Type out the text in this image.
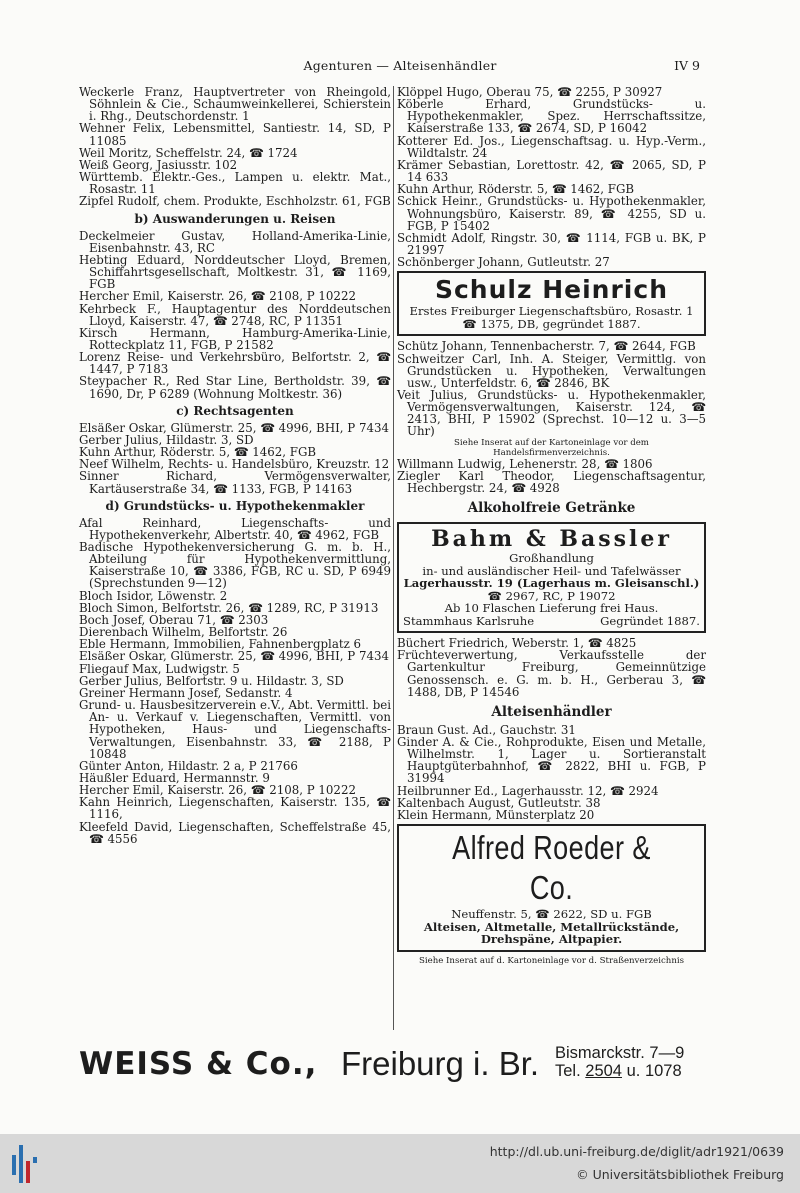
Agenturen — Alteisenhändler	IV 9
Weckerle Franz, Hauptvertreter von Rheingold, Söhnlein & Cie., Schaumweinkellerei, Schierstein i. Rhg., Deutschordenstr. 1
Wehner Felix, Lebensmittel, Santiestr. 14, SD, P 11085
Weil Moritz, Scheffelstr. 24, ☎ 1724
Weiß Georg, Jasiusstr. 102
Württemb. Elektr.-Ges., Lampen u. elektr. Mat., Rosastr. 11
Zipfel Rudolf, chem. Produkte, Eschholzstr. 61, FGB
b) Auswanderungen u. Reisen
Deckelmeier Gustav, Holland-Amerika-Linie, Eisenbahnstr. 43, RC
Hebting Eduard, Norddeutscher Lloyd, Bremen, Schiffahrtsgesellschaft, Moltkestr. 31, ☎ 1169, FGB
Hercher Emil, Kaiserstr. 26, ☎ 2108, P 10222
Kehrbeck F., Hauptagentur des Norddeutschen Lloyd, Kaiserstr. 47, ☎ 2748, RC, P 11351
Kirsch Hermann, Hamburg-Amerika-Linie, Rotteckplatz 11, FGB, P 21582
Lorenz Reise- und Verkehrsbüro, Belfortstr. 2, ☎ 1447, P 7183
Steypacher R., Red Star Line, Bertholdstr. 39, ☎ 1690, Dr, P 6289 (Wohnung Moltkestr. 36)
c) Rechtsagenten
Elsäßer Oskar, Glümerstr. 25, ☎ 4996, BHI, P 7434
Gerber Julius, Hildastr. 3, SD
Kuhn Arthur, Röderstr. 5, ☎ 1462, FGB
Neef Wilhelm, Rechts- u. Handelsbüro, Kreuzstr. 12
Sinner Richard, Vermögensverwalter, Kartäuserstraße 34, ☎ 1133, FGB, P 14163
d) Grundstücks- u. Hypothekenmakler
Afal Reinhard, Liegenschafts- und Hypothekenverkehr, Albertstr. 40, ☎ 4962, FGB
Badische Hypothekenversicherung G. m. b. H., Abteilung für Hypothekenvermittlung, Kaiserstraße 10, ☎ 3386, FGB, RC u. SD, P 6949 (Sprechstunden 9—12)
Bloch Isidor, Löwenstr. 2
Bloch Simon, Belfortstr. 26, ☎ 1289, RC, P 31913
Boch Josef, Oberau 71, ☎ 2303
Dierenbach Wilhelm, Belfortstr. 26
Eble Hermann, Immobilien, Fahnenbergplatz 6
Elsäßer Oskar, Glümerstr. 25, ☎ 4996, BHI, P 7434
Fliegauf Max, Ludwigstr. 5
Gerber Julius, Belfortstr. 9 u. Hildastr. 3, SD
Greiner Hermann Josef, Sedanstr. 4
Grund- u. Hausbesitzerverein e.V., Abt. Vermittl. bei An- u. Verkauf v. Liegenschaften, Vermittl. von Hypotheken, Haus- und Liegenschafts-Verwaltungen, Eisenbahnstr. 33, ☎ 2188, P 10848
Günter Anton, Hildastr. 2 a, P 21766
Häußler Eduard, Hermannstr. 9
Hercher Emil, Kaiserstr. 26, ☎ 2108, P 10222
Kahn Heinrich, Liegenschaften, Kaiserstr. 135, ☎ 1116,
Kleefeld David, Liegenschaften, Scheffelstraße 45, ☎ 4556
Klöppel Hugo, Oberau 75, ☎ 2255, P 30927
Köberle Erhard, Grundstücks- u. Hypothekenmakler, Spez. Herrschaftssitze, Kaiserstraße 133, ☎ 2674, SD, P 16042
Kotterer Ed. Jos., Liegenschaftsag. u. Hyp.-Verm., Wildtalstr. 24
Krämer Sebastian, Lorettostr. 42, ☎ 2065, SD, P 14 633
Kuhn Arthur, Röderstr. 5, ☎ 1462, FGB
Schick Heinr., Grundstücks- u. Hypothekenmakler, Wohnungsbüro, Kaiserstr. 89, ☎ 4255, SD u. FGB, P 15402
Schmidt Adolf, Ringstr. 30, ☎ 1114, FGB u. BK, P 21997
Schönberger Johann, Gutleutstr. 27
Schulz Heinrich
Erstes Freiburger Liegenschaftsbüro, Rosastr. 1
☎ 1375, DB, gegründet 1887.
Schütz Johann, Tennenbacherstr. 7, ☎ 2644, FGB
Schweitzer Carl, Inh. A. Steiger, Vermittlg. von Grundstücken u. Hypotheken, Verwaltungen usw., Unterfeldstr. 6, ☎ 2846, BK
Veit Julius, Grundstücks- u. Hypothekenmakler, Vermögensverwaltungen, Kaiserstr. 124, ☎ 2413, BHI, P 15902 (Sprechst. 10—12 u. 3—5 Uhr)
Siehe Inserat auf der Kartoneinlage vor dem Handelsfirmenverzeichnis.
Willmann Ludwig, Lehenerstr. 28, ☎ 1806
Ziegler Karl Theodor, Liegenschaftsagentur, Hechbergstr. 24, ☎ 4928
Alkoholfreie Getränke
Bahm & Bassler
Großhandlung
in- und ausländischer Heil- und Tafelwässer
Lagerhausstr. 19 (Lagerhaus m. Gleisanschl.)
☎ 2967, RC, P 19072
Ab 10 Flaschen Lieferung frei Haus.
Stammhaus Karlsruhe	Gegründet 1887.
Büchert Friedrich, Weberstr. 1, ☎ 4825
Früchteverwertung, Verkaufsstelle der Gartenkultur Freiburg, Gemeinnützige Genossensch. e. G. m. b. H., Gerberau 3, ☎ 1488, DB, P 14546
Alteisenhändler
Braun Gust. Ad., Gauchstr. 31
Ginder A. & Cie., Rohprodukte, Eisen und Metalle, Wilhelmstr. 1, Lager u. Sortieranstalt Hauptgüterbahnhof, ☎ 2822, BHI u. FGB, P 31994
Heilbrunner Ed., Lagerhausstr. 12, ☎ 2924
Kaltenbach August, Gutleutstr. 38
Klein Hermann, Münsterplatz 20
Alfred Roeder & Co.
Neuffenstr. 5, ☎ 2622, SD u. FGB
Alteisen, Altmetalle, Metallrückstände,
Drehspäne, Altpapier.
Siehe Inserat auf d. Kartoneinlage vor d. Straßenverzeichnis
WEISS & Co., Freiburg i. Br. Bismarckstr. 7—9
Tel. 2504 u. 1078
http://dl.ub.uni-freiburg.de/diglit/adr1921/0639
© Universitätsbibliothek Freiburg
